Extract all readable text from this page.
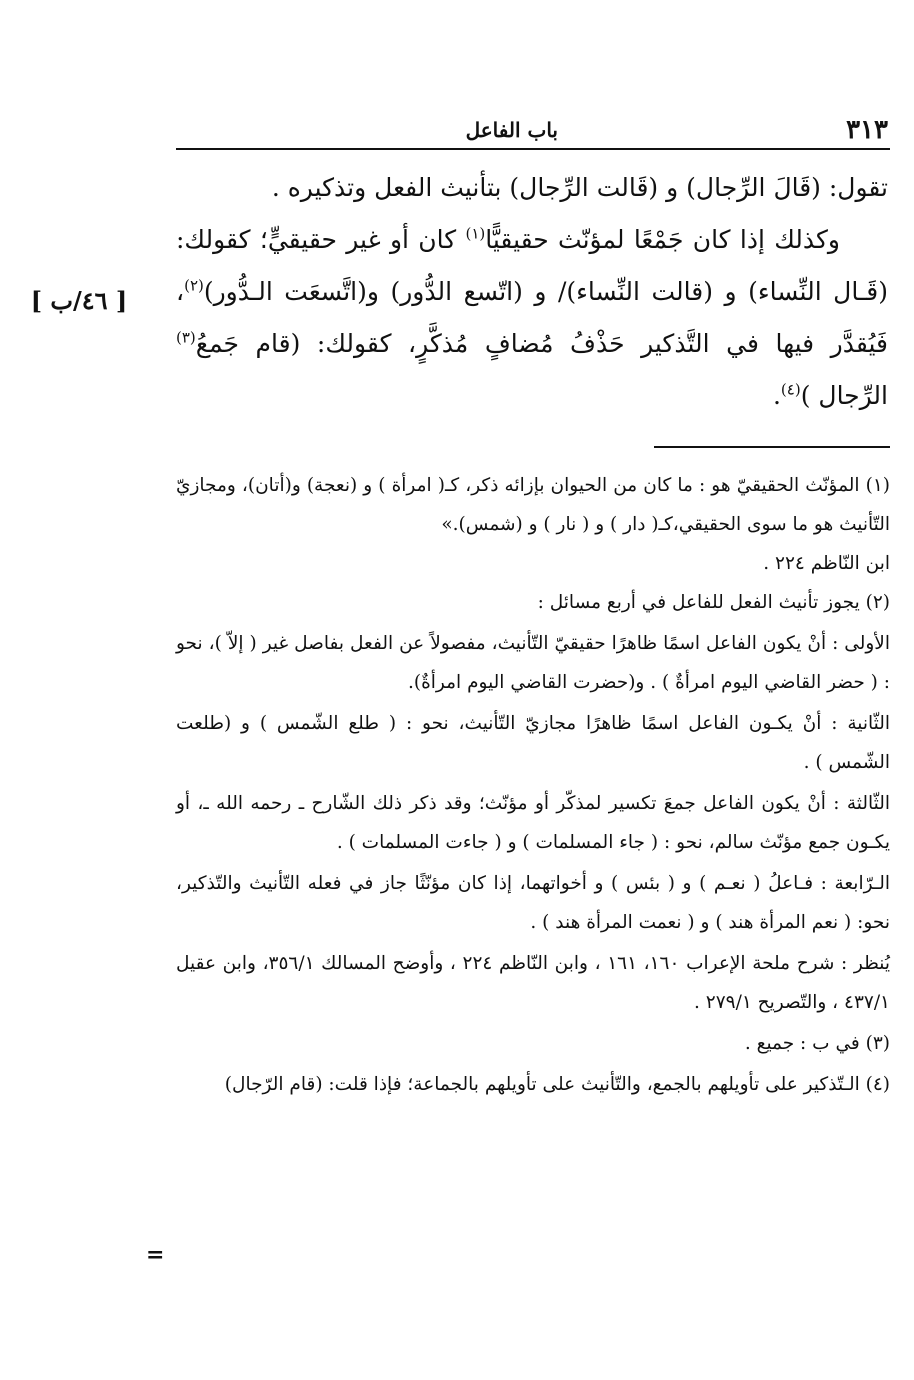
٣١٣
باب الفاعل
[ ٤٦/ب ]

تقول: (قَالَ الرِّجال) و (قَالت الرِّجال) بتأنيث الفعل وتذكيره .

وكذلك إذا كان جَمْعًا لمؤنّث حقيقيًّا$^{(١)}$ كان أو غير حقيقيٍّ؛ كقولك: (قَـال النِّساء) و (قالت النِّساء)/ و (اتّسع الدُّور) و(اتَّسعَت الـدُّور)$^{(٢)}$، فَيُقدَّر فيها في التَّذكير حَذْفُ مُضافٍ مُذكَّرٍ، كقولك: (قام جَمعُ$^{(٣)}$ الرِّجال )$^{(٤)}$.

(١) المؤنّث الحقيقيّ هو : ما كان من الحيوان بإزائه ذكر، كـ( امرأة ) و (نعجة) و(أتان)، ومجازيّ التّأنيث هو ما سوى الحقيقي،كـ( دار ) و ( نار ) و (شمس).»

ابن النّاظم ٢٢٤ .

(٢) يجوز تأنيث الفعل للفاعل في أربع مسائل :

الأولى : أنْ يكون الفاعل اسمًا ظاهرًا حقيقيّ التّأنيث، مفصولاً عن الفعل بفاصل غير ( إلاّ )، نحو : ( حضر القاضي اليوم امرأةٌ ) . و(حضرت القاضي اليوم امرأةٌ).

الثّانية : أنْ يكـون الفاعل اسمًا ظاهرًا مجازيّ التّأنيث، نحو : ( طلع الشّمس ) و (طلعت الشّمس ) .

الثّالثة : أنْ يكون الفاعل جمعَ تكسير لمذكّر أو مؤنّث؛ وقد ذكر ذلك الشّارح ـ رحمه الله ـ، أو يكـون جمع مؤنّث سالم، نحو : ( جاء المسلمات ) و ( جاءت المسلمات ) .

الـرّابعة : فـاعلُ ( نعـم ) و ( بئس ) و أخواتهما، إذا كان مؤنّثًا جاز في فعله التّأنيث والتّذكير، نحو: ( نعم المرأة هند ) و ( نعمت المرأة هند ) .

يُنظر : شرح ملحة الإعراب ١٦٠، ١٦١ ، وابن النّاظم ٢٢٤ ، وأوضح المسالك ٣٥٦/١، وابن عقيل ٤٣٧/١ ، والتّصريح ٢٧٩/١ .

(٣) في ب : جميع .

(٤) الـتّذكير على تأويلهم بالجمع، والتّأنيث على تأويلهم بالجماعة؛ فإذا قلت: (قام الرّجال)

=
